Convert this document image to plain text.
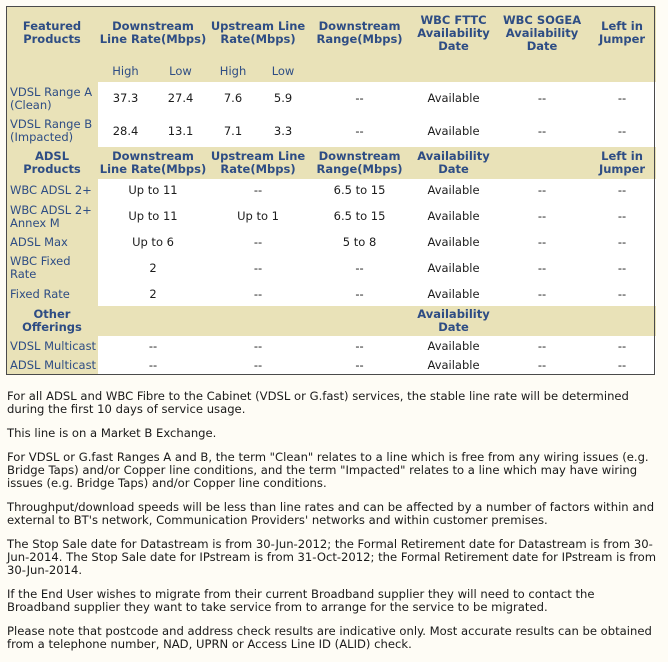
Featured Products	Downstream Line Rate(Mbps)		Upstream Line Rate(Mbps)		Downstream Range(Mbps)	WBC FTTC Availability Date	WBC SOGEA Availability Date	Left in Jumper
	High	Low	High	Low				
VDSL Range A (Clean)	37.3	27.4	7.6	5.9	--	Available	--	--
VDSL Range B (Impacted)	28.4	13.1	7.1	3.3	--	Available	--	--
ADSL Products	Downstream Line Rate(Mbps)		Upstream Line Rate(Mbps)		Downstream Range(Mbps)	Availability Date		Left in Jumper
WBC ADSL 2+	Up to 11		--		6.5 to 15	Available	--	--
WBC ADSL 2+ Annex M	Up to 11		Up to 1		6.5 to 15	Available	--	--
ADSL Max	Up to 6		--		5 to 8	Available	--	--
WBC Fixed Rate	2		--		--	Available	--	--
Fixed Rate	2		--		--	Available	--	--
Other Offerings						Availability Date		
VDSL Multicast	--		--		--	Available	--	--
ADSL Multicast	--		--		--	Available	--	--

For all ADSL and WBC Fibre to the Cabinet (VDSL or G.fast) services, the stable line rate will be determined during the first 10 days of service usage.

This line is on a Market B Exchange.

For VDSL or G.fast Ranges A and B, the term "Clean" relates to a line which is free from any wiring issues (e.g. Bridge Taps) and/or Copper line conditions, and the term "Impacted" relates to a line which may have wiring issues (e.g. Bridge Taps) and/or Copper line conditions.

Throughput/download speeds will be less than line rates and can be affected by a number of factors within and external to BT's network, Communication Providers' networks and within customer premises.

The Stop Sale date for Datastream is from 30-Jun-2012; the Formal Retirement date for Datastream is from 30-Jun-2014. The Stop Sale date for IPstream is from 31-Oct-2012; the Formal Retirement date for IPstream is from 30-Jun-2014.

If the End User wishes to migrate from their current Broadband supplier they will need to contact the Broadband supplier they want to take service from to arrange for the service to be migrated.

Please note that postcode and address check results are indicative only. Most accurate results can be obtained from a telephone number, NAD, UPRN or Access Line ID (ALID) check.
